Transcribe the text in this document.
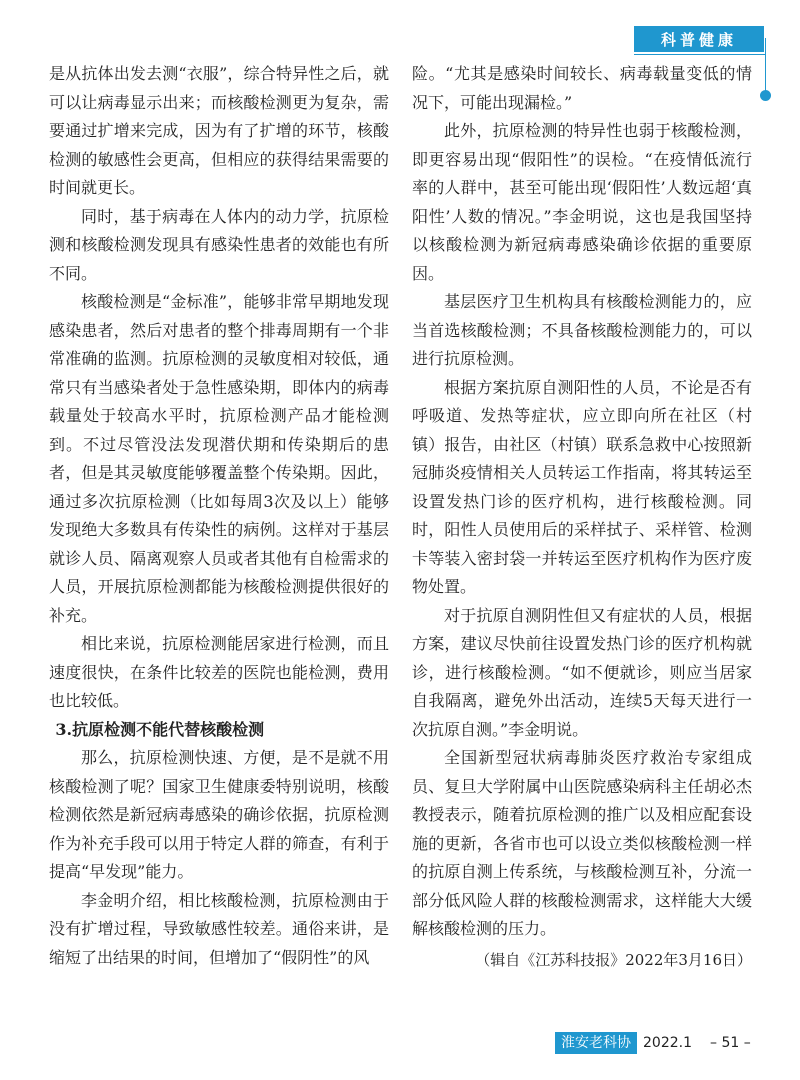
科普健康

是从抗体出发去测“衣服”，综合特异性之后，就可以让病毒显示出来；而核酸检测更为复杂，需要通过扩增来完成，因为有了扩增的环节，核酸检测的敏感性会更高，但相应的获得结果需要的时间就更长。

同时，基于病毒在人体内的动力学，抗原检测和核酸检测发现具有感染性患者的效能也有所不同。

核酸检测是“金标准”，能够非常早期地发现感染患者，然后对患者的整个排毒周期有一个非常准确的监测。抗原检测的灵敏度相对较低，通常只有当感染者处于急性感染期，即体内的病毒载量处于较高水平时，抗原检测产品才能检测到。不过尽管没法发现潜伏期和传染期后的患者，但是其灵敏度能够覆盖整个传染期。因此，通过多次抗原检测（比如每周3次及以上）能够发现绝大多数具有传染性的病例。这样对于基层就诊人员、隔离观察人员或者其他有自检需求的人员，开展抗原检测都能为核酸检测提供很好的补充。

相比来说，抗原检测能居家进行检测，而且速度很快，在条件比较差的医院也能检测，费用也比较低。

3.抗原检测不能代替核酸检测

那么，抗原检测快速、方便，是不是就不用核酸检测了呢？国家卫生健康委特别说明，核酸检测依然是新冠病毒感染的确诊依据，抗原检测作为补充手段可以用于特定人群的筛查，有利于提高“早发现”能力。

李金明介绍，相比核酸检测，抗原检测由于没有扩增过程，导致敏感性较差。通俗来讲，是缩短了出结果的时间，但增加了“假阴性”的风

险。“尤其是感染时间较长、病毒载量变低的情况下，可能出现漏检。”

此外，抗原检测的特异性也弱于核酸检测，即更容易出现“假阳性”的误检。“在疫情低流行率的人群中，甚至可能出现‘假阳性’人数远超‘真阳性’人数的情况。”李金明说，这也是我国坚持以核酸检测为新冠病毒感染确诊依据的重要原因。

基层医疗卫生机构具有核酸检测能力的，应当首选核酸检测；不具备核酸检测能力的，可以进行抗原检测。

根据方案抗原自测阳性的人员，不论是否有呼吸道、发热等症状，应立即向所在社区（村镇）报告，由社区（村镇）联系急救中心按照新冠肺炎疫情相关人员转运工作指南，将其转运至设置发热门诊的医疗机构，进行核酸检测。同时，阳性人员使用后的采样拭子、采样管、检测卡等装入密封袋一并转运至医疗机构作为医疗废物处置。

对于抗原自测阴性但又有症状的人员，根据方案，建议尽快前往设置发热门诊的医疗机构就诊，进行核酸检测。“如不便就诊，则应当居家自我隔离，避免外出活动，连续5天每天进行一次抗原自测。”李金明说。

全国新型冠状病毒肺炎医疗救治专家组成员、复旦大学附属中山医院感染病科主任胡必杰教授表示，随着抗原检测的推广以及相应配套设施的更新，各省市也可以设立类似核酸检测一样的抗原自测上传系统，与核酸检测互补，分流一部分低风险人群的核酸检测需求，这样能大大缓解核酸检测的压力。

（辑自《江苏科技报》2022年3月16日）

淮安老科协 2022.1 – 51 –
